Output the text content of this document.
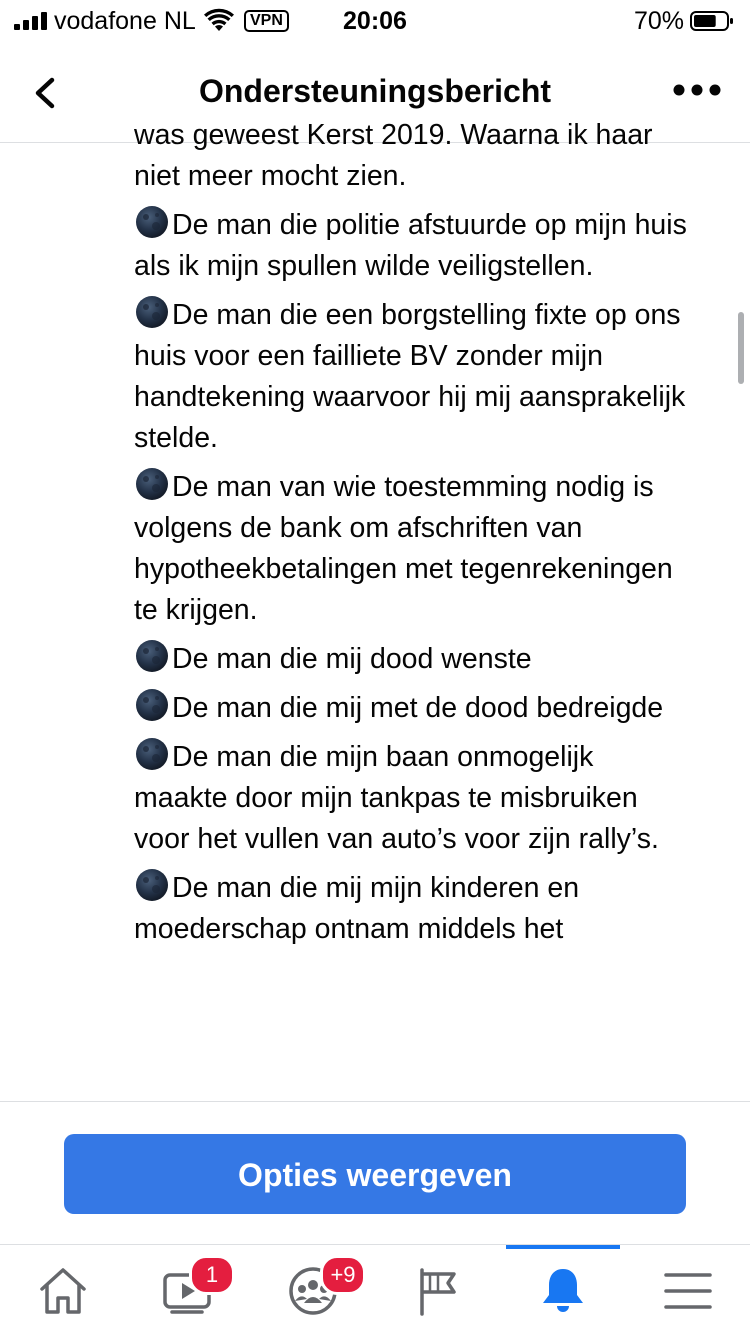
vodafone NL	VPN	20:06	70%
Ondersteuningsbericht

was geweest Kerst 2019. Waarna ik haar niet meer mocht zien.

De man die politie afstuurde op mijn huis als ik mijn spullen wilde veiligstellen.

De man die een borgstelling fixte op ons huis voor een failliete BV zonder mijn handtekening waarvoor hij mij aansprakelijk stelde.

De man van wie toestemming nodig is volgens de bank om afschriften van hypotheekbetalingen met tegenrekeningen te krijgen.

De man die mij dood wenste

De man die mij met de dood bedreigde

De man die mijn baan onmogelijk maakte door mijn tankpas te misbruiken voor het vullen van auto’s voor zijn rally’s.

De man die mij mijn kinderen en moederschap ontnam middels het

Opties weergeven
1	+9
